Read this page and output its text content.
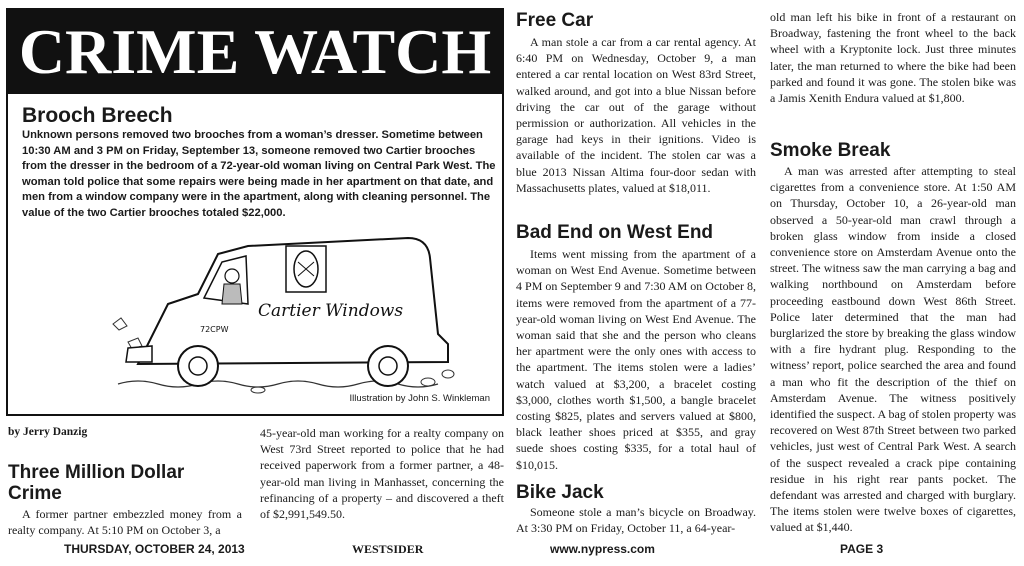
CRIME WATCH
Brooch Breech
Unknown persons removed two brooches from a woman’s dresser. Sometime between 10:30 AM and 3 PM on Friday, September 13, someone removed two Cartier brooches from the dresser in the bedroom of a 72-year-old woman living on Central Park West. The woman told police that some repairs were being made in her apartment on that date, and men from a window company were in the apartment, along with cleaning personnel. The value of the two Cartier brooches totaled $22,000.
Cartier Windows
72CPW
Illustration by John S. Winkleman
by Jerry Danzig
Three Million Dollar Crime

A former partner embezzled money from a realty company. At 5:10 PM on October 3, a

45-year-old man working for a realty company on West 73rd Street reported to police that he had received paperwork from a former partner, a 48-year-old man living in Manhasset, concerning the refinancing of a property – and discovered a theft of $2,991,549.50.

Free Car

A man stole a car from a car rental agency. At 6:40 PM on Wednesday, October 9, a man entered a car rental location on West 83rd Street, walked around, and got into a blue Nissan before driving the car out of the garage without permission or authorization. All vehicles in the garage had keys in their ignitions. Video is available of the incident. The stolen car was a blue 2013 Nissan Altima four-door sedan with Massachusetts plates, valued at $18,011.

Bad End on West End

Items went missing from the apartment of a woman on West End Avenue. Sometime between 4 PM on September 9 and 7:30 AM on October 8, items were removed from the apartment of a 77-year-old woman living on West End Avenue. The woman said that she and the person who cleans her apartment were the only ones with access to the apartment. The items stolen were a ladies’ watch valued at $3,200, a bracelet costing $3,000, clothes worth $1,500, a bangle bracelet costing $825, plates and servers valued at $800, black leather shoes priced at $355, and gray suede shoes costing $335, for a total haul of $10,015.

Bike Jack

Someone stole a man’s bicycle on Broadway. At 3:30 PM on Friday, October 11, a 64-year-

old man left his bike in front of a restaurant on Broadway, fastening the front wheel to the back wheel with a Kryptonite lock. Just three minutes later, the man returned to where the bike had been parked and found it was gone. The stolen bike was a Jamis Xenith Endura valued at $1,800.

Smoke Break

A man was arrested after attempting to steal cigarettes from a convenience store. At 1:50 AM on Thursday, October 10, a 26-year-old man observed a 50-year-old man crawl through a broken glass window from inside a closed convenience store on Amsterdam Avenue onto the street. The witness saw the man carrying a bag and walking northbound on Amsterdam before proceeding eastbound down West 86th Street. Police later determined that the man had burglarized the store by breaking the glass window with a fire hydrant plug. Responding to the witness’ report, police searched the area and found a man who fit the description of the thief on Amsterdam Avenue. The witness positively identified the suspect. A bag of stolen property was recovered on West 87th Street between two parked vehicles, just west of Central Park West. A search of the suspect revealed a crack pipe containing residue in his right rear pants pocket. The defendant was arrested and charged with burglary. The items stolen were twelve boxes of cigarettes, valued at $1,440.

THURSDAY, OCTOBER 24, 2013	WESTSIDER	www.nypress.com	PAGE 3
